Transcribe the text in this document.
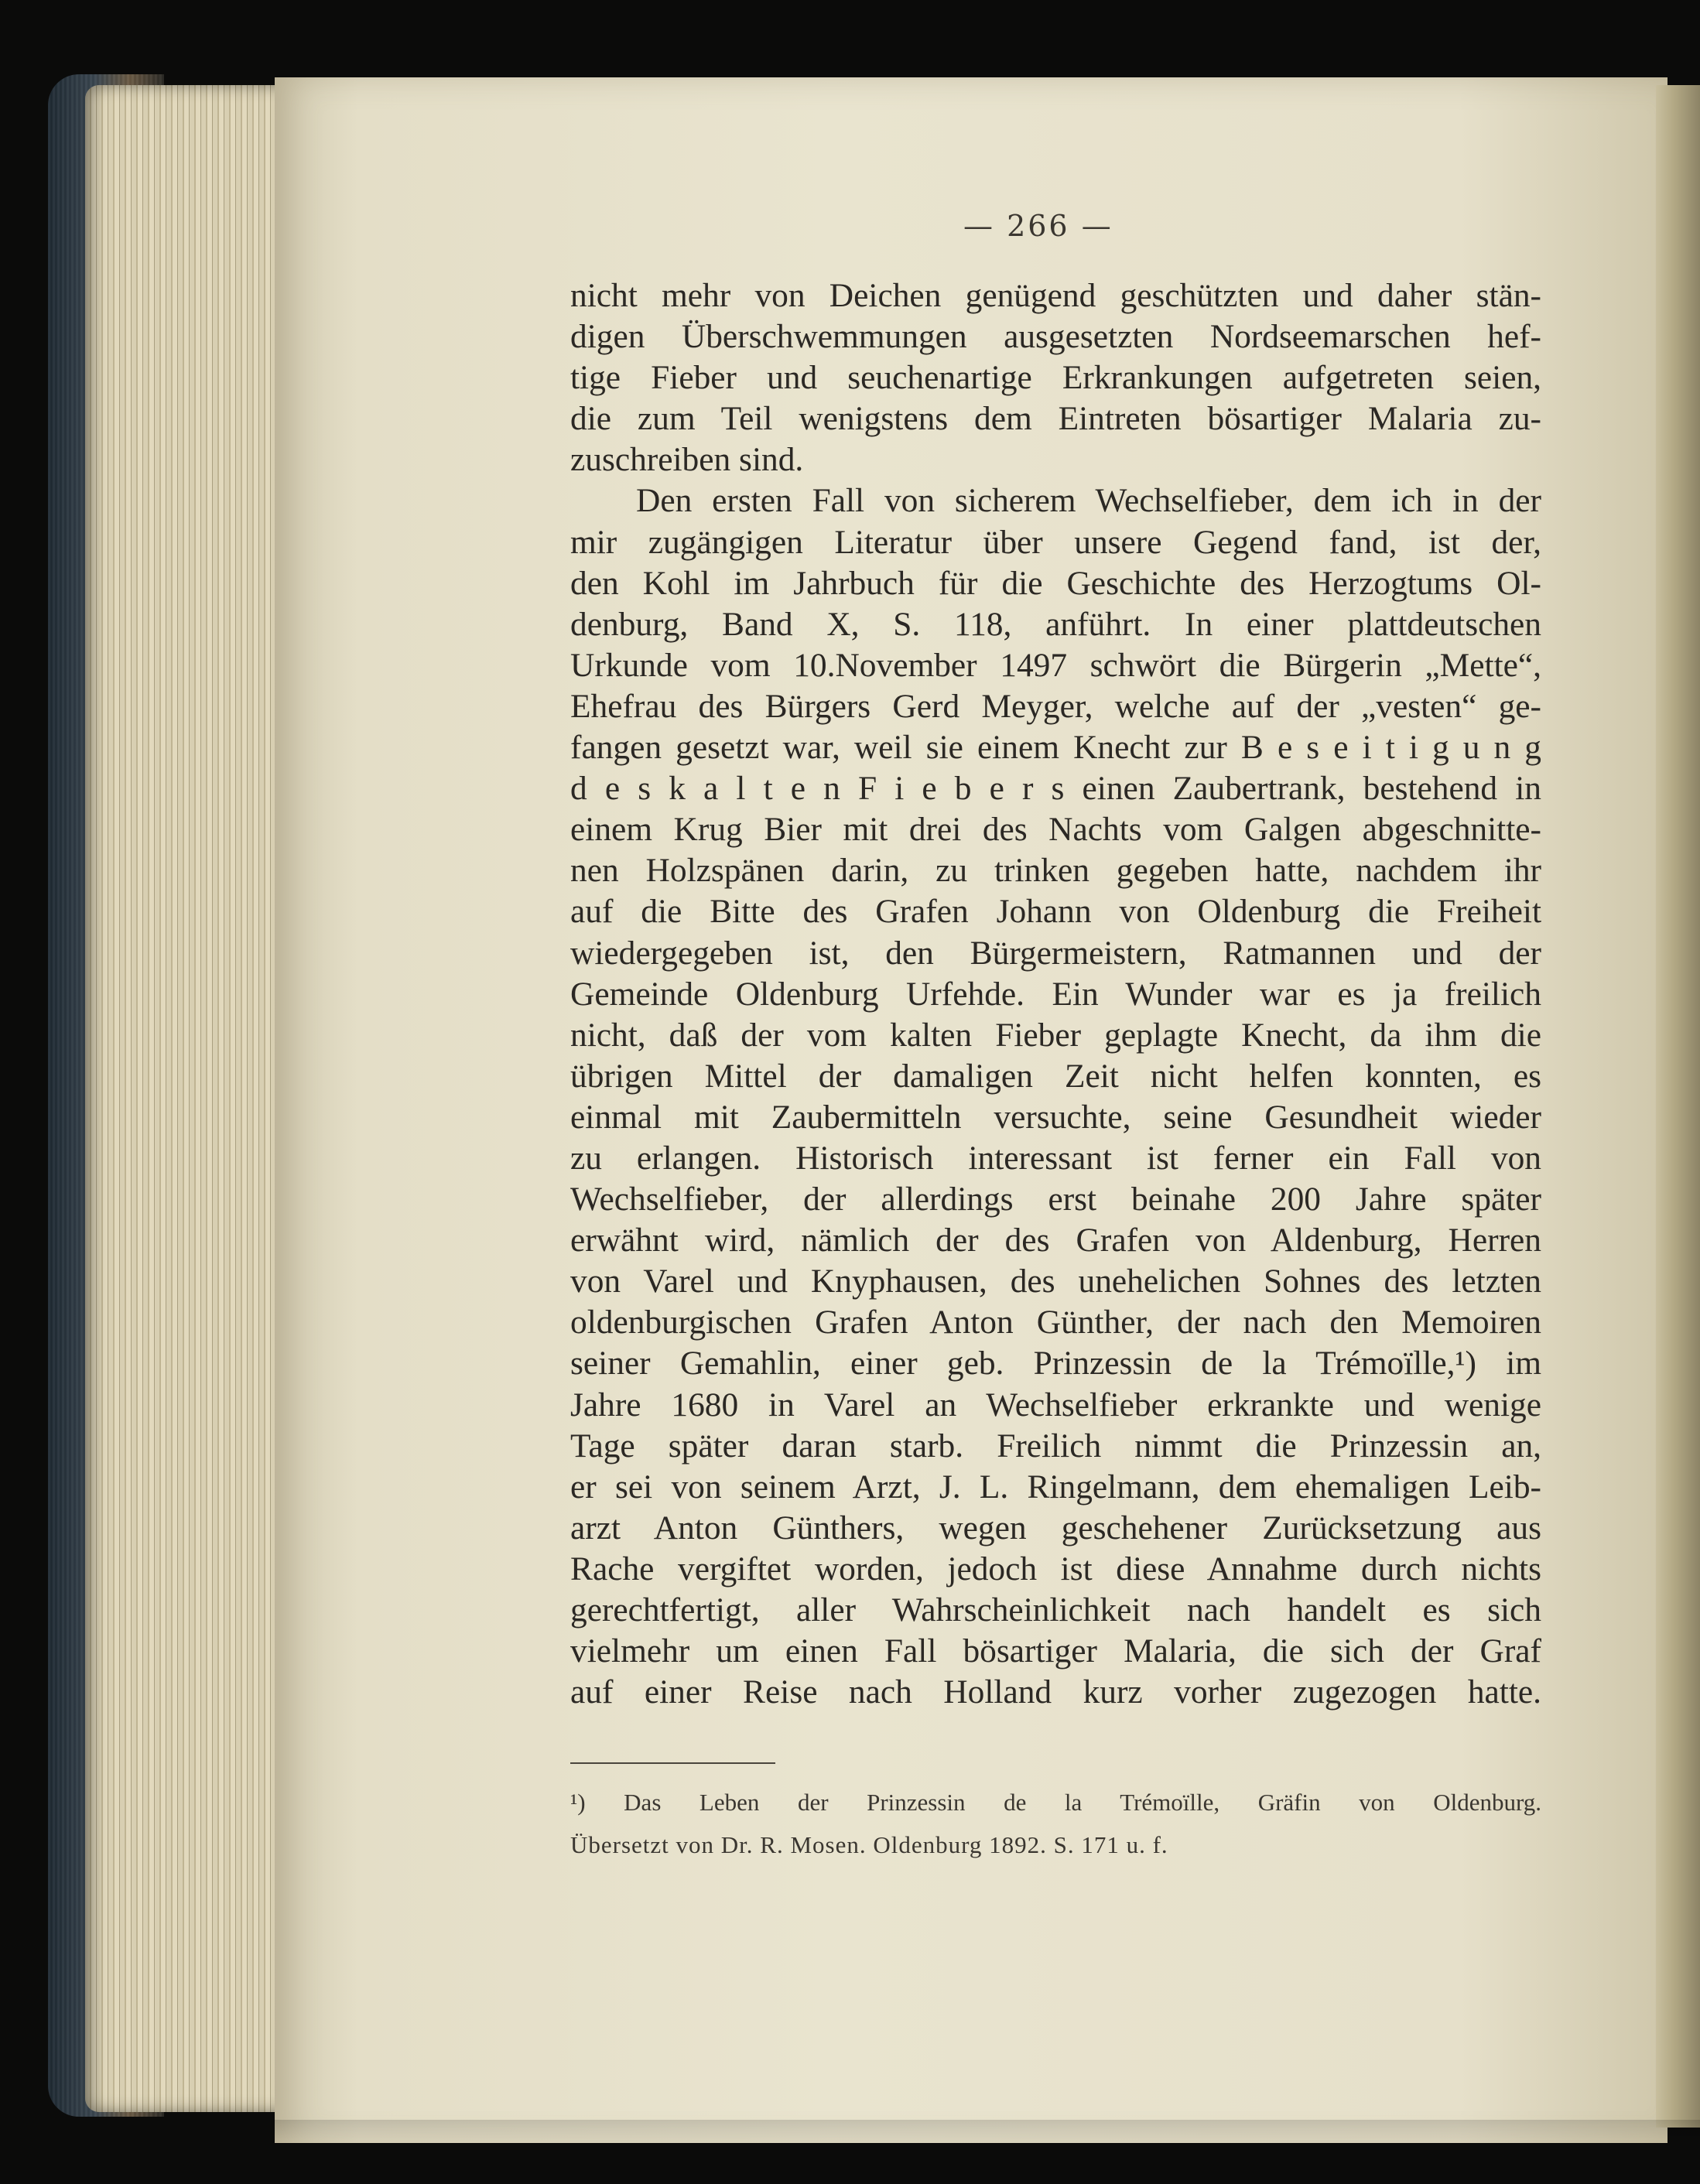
— 266 —
nicht mehr von Deichen genügend geschützten und daher stän-
digen Überschwemmungen ausgesetzten Nordseemarschen hef-
tige Fieber und seuchenartige Erkrankungen aufgetreten seien,
die zum Teil wenigstens dem Eintreten bösartiger Malaria zu-
zuschreiben sind.
Den ersten Fall von sicherem Wechselfieber, dem ich in der
mir zugängigen Literatur über unsere Gegend fand, ist der,
den Kohl im Jahrbuch für die Geschichte des Herzogtums Ol-
denburg, Band X, S. 118, anführt. In einer plattdeutschen
Urkunde vom 10.November 1497 schwört die Bürgerin „Mette“,
Ehefrau des Bürgers Gerd Meyger, welche auf der „vesten“ ge-
fangen gesetzt war, weil sie einem Knecht zur B e s e i t i g u n g
d e s k a l t e n F i e b e r s einen Zaubertrank, bestehend in
einem Krug Bier mit drei des Nachts vom Galgen abgeschnitte-
nen Holzspänen darin, zu trinken gegeben hatte, nachdem ihr
auf die Bitte des Grafen Johann von Oldenburg die Freiheit
wiedergegeben ist, den Bürgermeistern, Ratmannen und der
Gemeinde Oldenburg Urfehde. Ein Wunder war es ja freilich
nicht, daß der vom kalten Fieber geplagte Knecht, da ihm die
übrigen Mittel der damaligen Zeit nicht helfen konnten, es
einmal mit Zaubermitteln versuchte, seine Gesundheit wieder
zu erlangen. Historisch interessant ist ferner ein Fall von
Wechselfieber, der allerdings erst beinahe 200 Jahre später
erwähnt wird, nämlich der des Grafen von Aldenburg, Herren
von Varel und Knyphausen, des unehelichen Sohnes des letzten
oldenburgischen Grafen Anton Günther, der nach den Memoiren
seiner Gemahlin, einer geb. Prinzessin de la Trémoïlle,¹) im
Jahre 1680 in Varel an Wechselfieber erkrankte und wenige
Tage später daran starb. Freilich nimmt die Prinzessin an,
er sei von seinem Arzt, J. L. Ringelmann, dem ehemaligen Leib-
arzt Anton Günthers, wegen geschehener Zurücksetzung aus
Rache vergiftet worden, jedoch ist diese Annahme durch nichts
gerechtfertigt, aller Wahrscheinlichkeit nach handelt es sich
vielmehr um einen Fall bösartiger Malaria, die sich der Graf
auf einer Reise nach Holland kurz vorher zugezogen hatte.
¹) Das Leben der Prinzessin de la Trémoïlle, Gräfin von Oldenburg.
Übersetzt von Dr. R. Mosen. Oldenburg 1892. S. 171 u. f.
